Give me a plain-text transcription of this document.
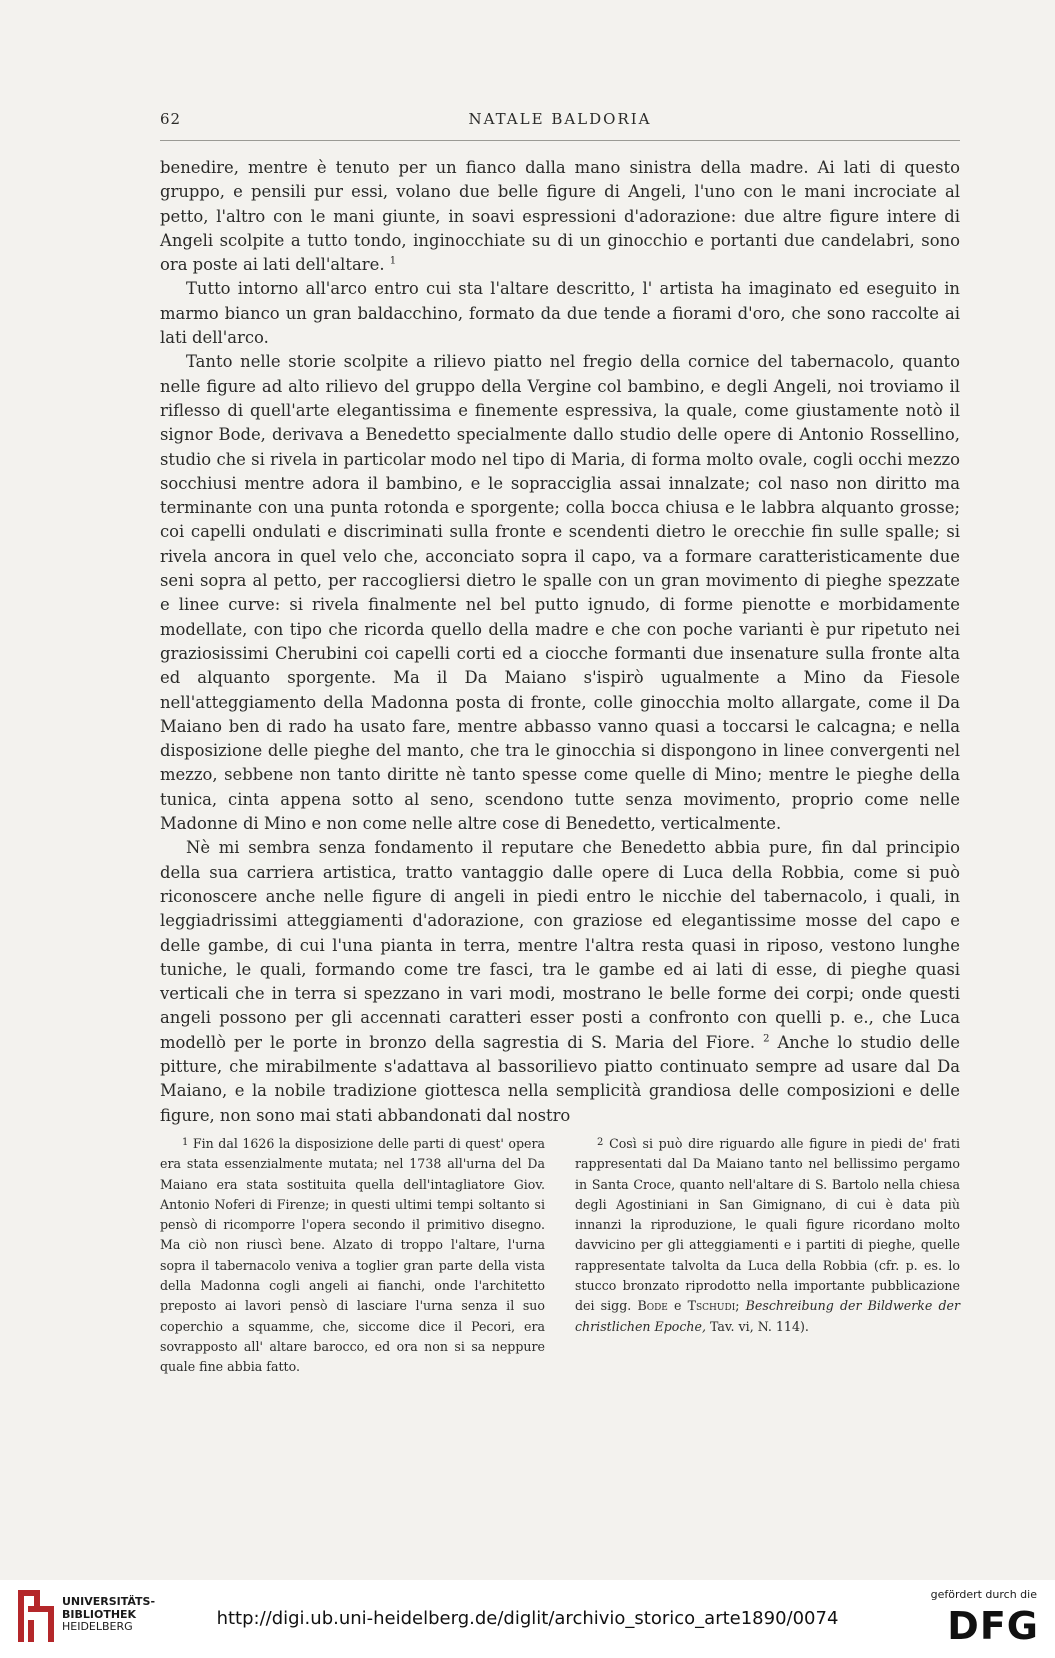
62	NATALE BALDORIA

benedire, mentre è tenuto per un fianco dalla mano sinistra della madre. Ai lati di questo gruppo, e pensili pur essi, volano due belle figure di Angeli, l'uno con le mani incrociate al petto, l'altro con le mani giunte, in soavi espressioni d'adorazione: due altre figure intere di Angeli scolpite a tutto tondo, inginocchiate su di un ginocchio e portanti due candelabri, sono ora poste ai lati dell'altare. $^1$

Tutto intorno all'arco entro cui sta l'altare descritto, l' artista ha imaginato ed eseguito in marmo bianco un gran baldacchino, formato da due tende a fiorami d'oro, che sono raccolte ai lati dell'arco.

Tanto nelle storie scolpite a rilievo piatto nel fregio della cornice del tabernacolo, quanto nelle figure ad alto rilievo del gruppo della Vergine col bambino, e degli Angeli, noi troviamo il riflesso di quell'arte elegantissima e finemente espressiva, la quale, come giustamente notò il signor Bode, derivava a Benedetto specialmente dallo studio delle opere di Antonio Rossellino, studio che si rivela in particolar modo nel tipo di Maria, di forma molto ovale, cogli occhi mezzo socchiusi mentre adora il bambino, e le sopracciglia assai innalzate; col naso non diritto ma terminante con una punta rotonda e sporgente; colla bocca chiusa e le labbra alquanto grosse; coi capelli ondulati e discriminati sulla fronte e scendenti dietro le orecchie fin sulle spalle; si rivela ancora in quel velo che, acconciato sopra il capo, va a formare caratteristicamente due seni sopra al petto, per raccogliersi dietro le spalle con un gran movimento di pieghe spezzate e linee curve: si rivela finalmente nel bel putto ignudo, di forme pienotte e morbidamente modellate, con tipo che ricorda quello della madre e che con poche varianti è pur ripetuto nei graziosissimi Cherubini coi capelli corti ed a ciocche formanti due insenature sulla fronte alta ed alquanto sporgente. Ma il Da Maiano s'ispirò ugualmente a Mino da Fiesole nell'atteggiamento della Madonna posta di fronte, colle ginocchia molto allargate, come il Da Maiano ben di rado ha usato fare, mentre abbasso vanno quasi a toccarsi le calcagna; e nella disposizione delle pieghe del manto, che tra le ginocchia si dispongono in linee convergenti nel mezzo, sebbene non tanto diritte nè tanto spesse come quelle di Mino; mentre le pieghe della tunica, cinta appena sotto al seno, scendono tutte senza movimento, proprio come nelle Madonne di Mino e non come nelle altre cose di Benedetto, verticalmente.

Nè mi sembra senza fondamento il reputare che Benedetto abbia pure, fin dal principio della sua carriera artistica, tratto vantaggio dalle opere di Luca della Robbia, come si può riconoscere anche nelle figure di angeli in piedi entro le nicchie del tabernacolo, i quali, in leggiadrissimi atteggiamenti d'adorazione, con graziose ed elegantissime mosse del capo e delle gambe, di cui l'una pianta in terra, mentre l'altra resta quasi in riposo, vestono lunghe tuniche, le quali, formando come tre fasci, tra le gambe ed ai lati di esse, di pieghe quasi verticali che in terra si spezzano in vari modi, mostrano le belle forme dei corpi; onde questi angeli possono per gli accennati caratteri esser posti a confronto con quelli p. e., che Luca modellò per le porte in bronzo della sagrestia di S. Maria del Fiore. $^2$ Anche lo studio delle pitture, che mirabilmente s'adattava al bassorilievo piatto continuato sempre ad usare dal Da Maiano, e la nobile tradizione giottesca nella semplicità grandiosa delle composizioni e delle figure, non sono mai stati abbandonati dal nostro

$^1$ Fin dal 1626 la disposizione delle parti di quest' opera era stata essenzialmente mutata; nel 1738 all'urna del Da Maiano era stata sostituita quella dell'intagliatore Giov. Antonio Noferi di Firenze; in questi ultimi tempi soltanto si pensò di ricomporre l'opera secondo il primitivo disegno. Ma ciò non riuscì bene. Alzato di troppo l'altare, l'urna sopra il tabernacolo veniva a toglier gran parte della vista della Madonna cogli angeli ai fianchi, onde l'architetto preposto ai lavori pensò di lasciare l'urna senza il suo coperchio a squamme, che, siccome dice il Pecori, era sovrapposto all' altare barocco, ed ora non si sa neppure quale fine abbia fatto.

$^2$ Così si può dire riguardo alle figure in piedi de' frati rappresentati dal Da Maiano tanto nel bellissimo pergamo in Santa Croce, quanto nell'altare di S. Bartolo nella chiesa degli Agostiniani in San Gimignano, di cui è data più innanzi la riproduzione, le quali figure ricordano molto davvicino per gli atteggiamenti e i partiti di pieghe, quelle rappresentate talvolta da Luca della Robbia (cfr. p. es. lo stucco bronzato riprodotto nella importante pubblicazione dei sigg. Bode e Tschudi; Beschreibung der Bildwerke der christlichen Epoche, Tav. vi, N. 114).

UNIVERSITÄTS-
BIBLIOTHEK
HEIDELBERG	http://digi.ub.uni-heidelberg.de/diglit/archivio_storico_arte1890/0074
gefördert durch die
DFG
